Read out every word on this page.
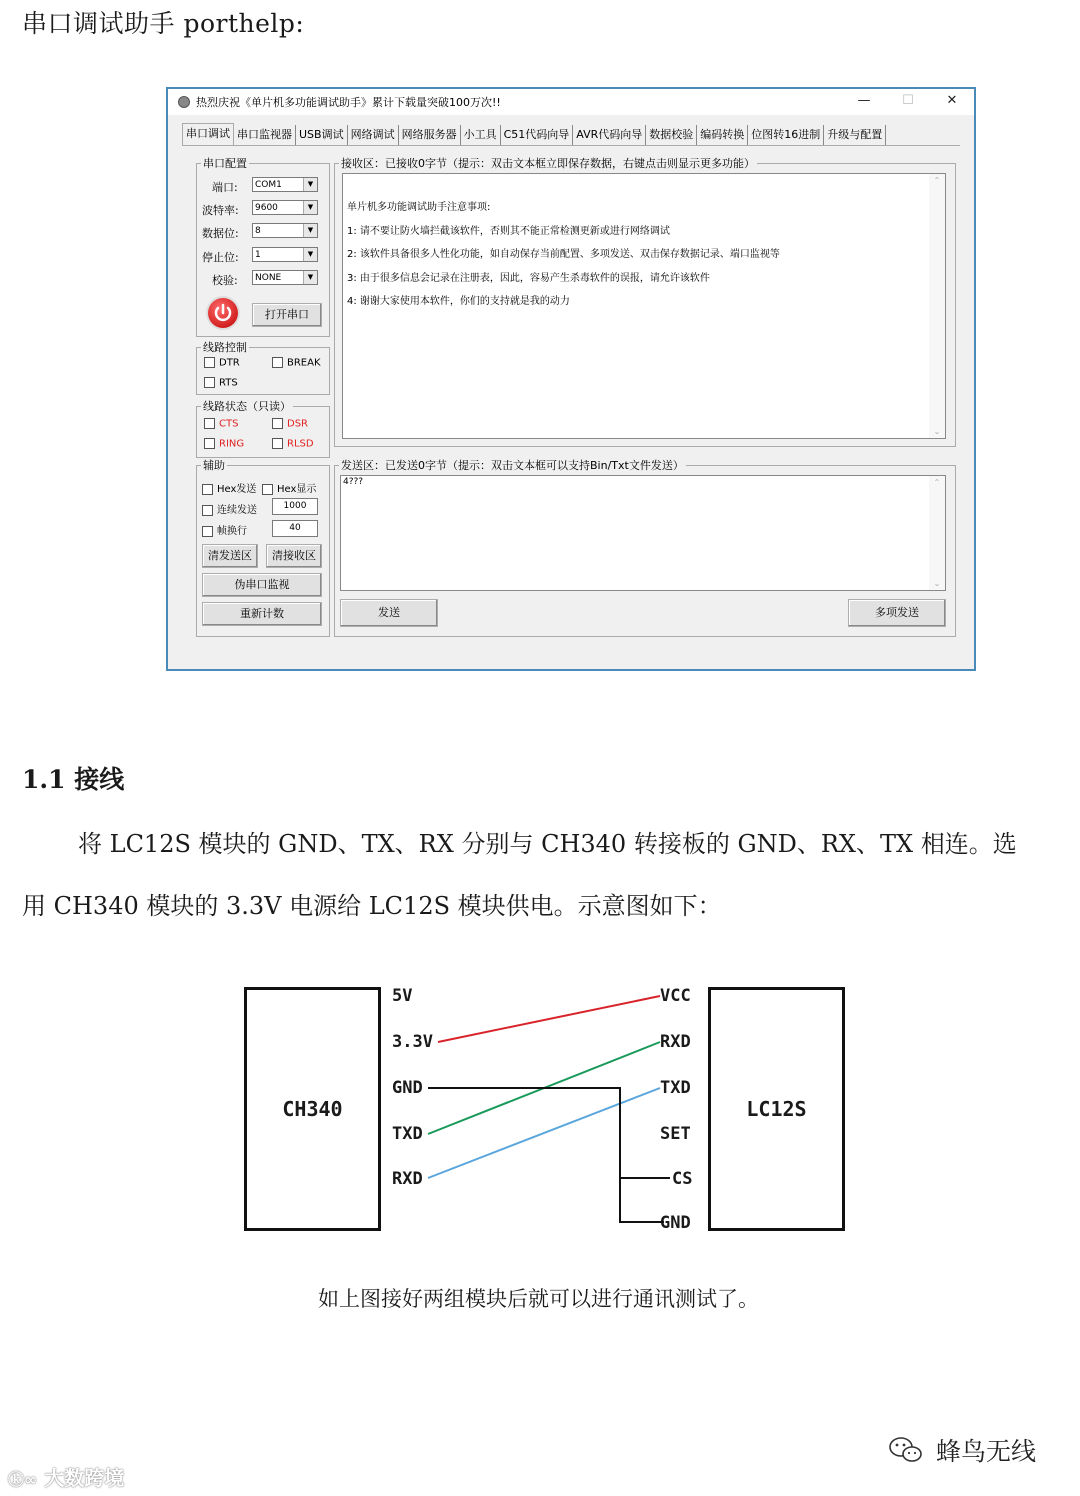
串口调试助手 porthelp:
热烈庆祝《单片机多功能调试助手》累计下载量突破100万次!!	—	☐	✕
串口调试 串口监视器 USB调试 网络调试 网络服务器 小工具 C51代码向导 AVR代码向导 数据校验 编码转换 位图转16进制 升级与配置
串口配置
端口:	COM1	▼
波特率:	9600	▼
数据位:	8	▼
停止位:	1	▼
校验:	NONE	▼
打开串口
线路控制
DTR	BREAK
RTS
线路状态（只读）
CTS	DSR
RING	RLSD
辅助
Hex发送	Hex显示
连续发送	1000
帧换行	40
清发送区	清接收区
伪串口监视
重新计数
接收区：已接收0字节（提示：双击文本框立即保存数据，右键点击则显示更多功能）
单片机多功能调试助手注意事项:
1: 请不要让防火墙拦截该软件，否则其不能正常检测更新或进行网络调试
2: 该软件具备很多人性化功能，如自动保存当前配置、多项发送、双击保存数据记录、端口监视等
3: 由于很多信息会记录在注册表，因此，容易产生杀毒软件的误报，请允许该软件
4: 谢谢大家使用本软件，你们的支持就是我的动力
⌃
⌄
发送区：已发送0字节（提示：双击文本框可以支持Bin/Txt文件发送）
4???	⌃
⌄
发送	多项发送
1.1 接线
将 LC12S 模块的 GND、TX、RX 分别与 CH340 转接板的 GND、RX、TX 相连。选
用 CH340 模块的 3.3V 电源给 LC12S 模块供电。示意图如下：
CH340	LC12S
5V
3.3V
GND
TXD
RXD
VCC
RXD
TXD
SET
CS
GND
如上图接好两组模块后就可以进行通讯测试了。
蜂鸟无线
ⓚ∞ 大数跨境
